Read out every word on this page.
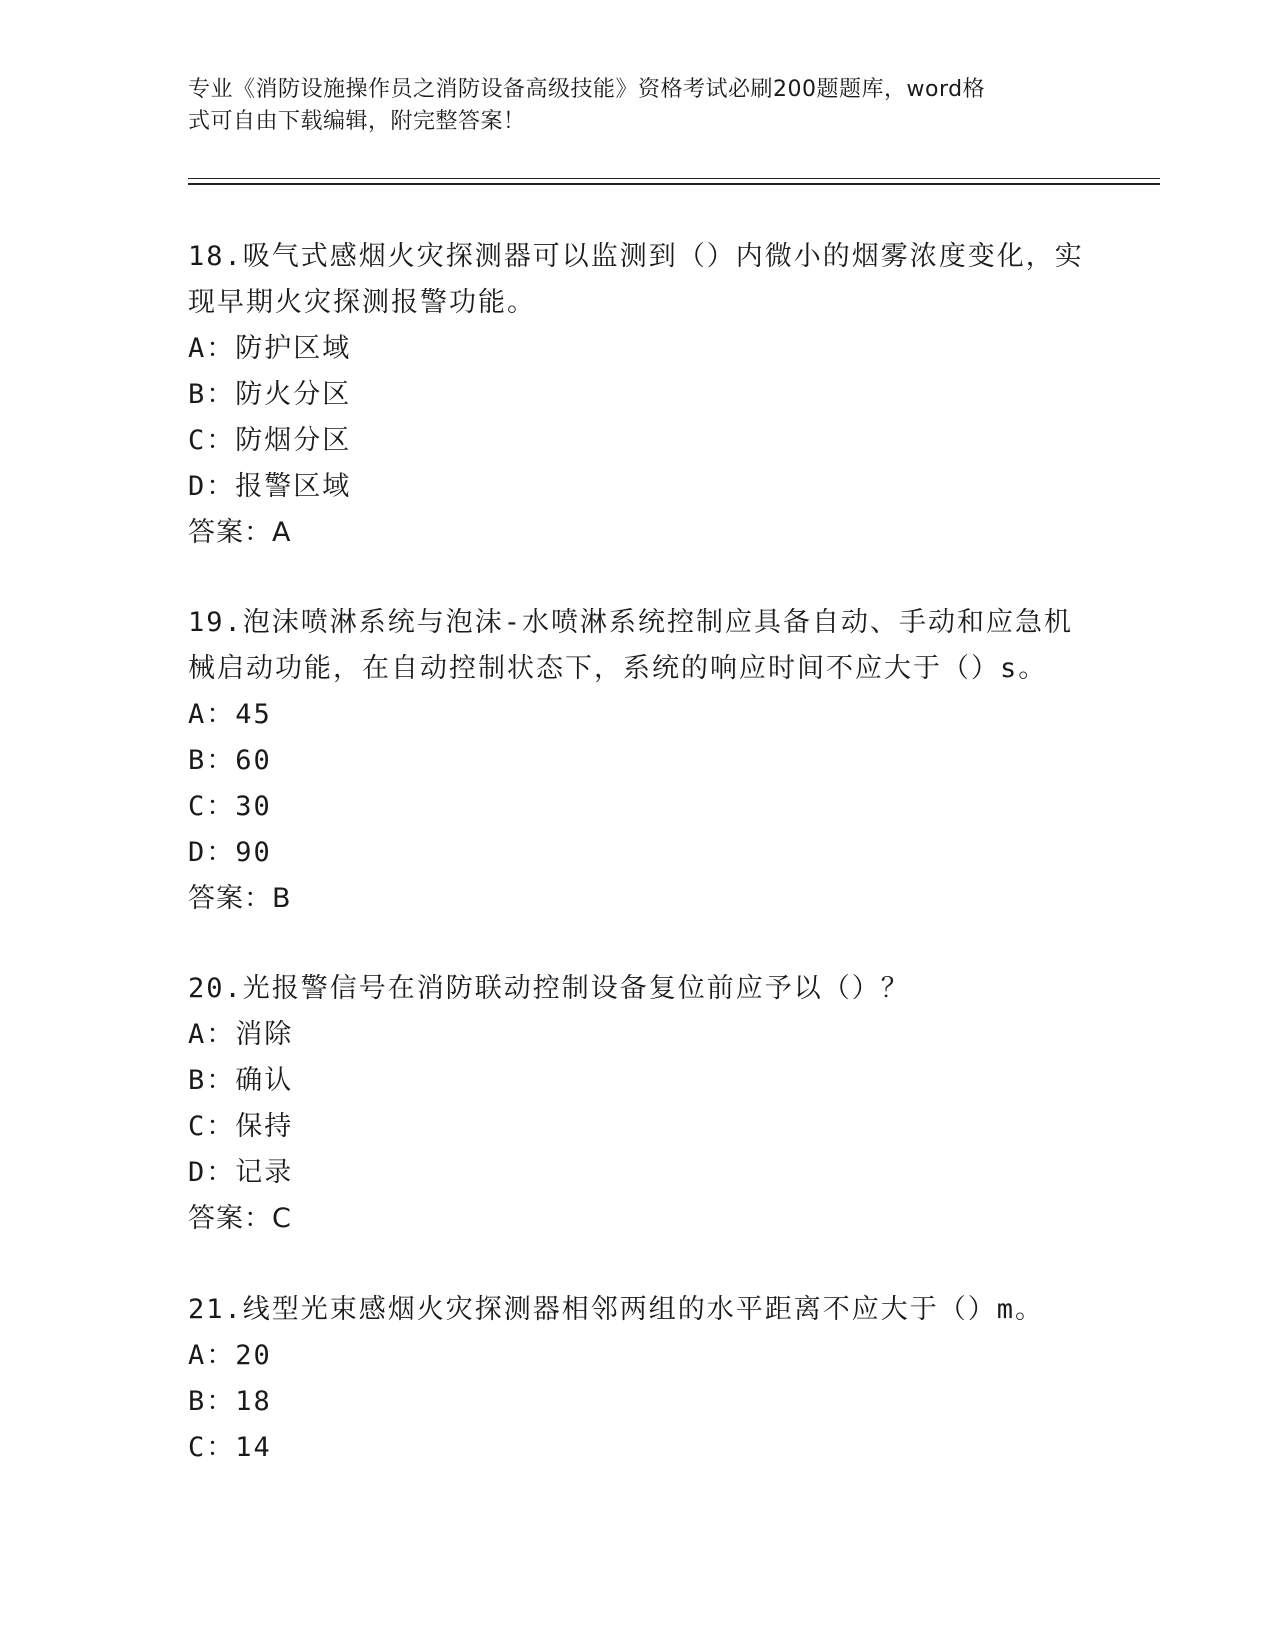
专业《消防设施操作员之消防设备高级技能》资格考试必刷200题题库，word格
式可自由下载编辑，附完整答案！

18.吸气式感烟火灾探测器可以监测到（）内微小的烟雾浓度变化，实

现早期火灾探测报警功能。

A：防护区域

B：防火分区

C：防烟分区

D：报警区域

答案：A

19.泡沫喷淋系统与泡沫-水喷淋系统控制应具备自动、手动和应急机

械启动功能，在自动控制状态下，系统的响应时间不应大于（）s。

A：45

B：60

C：30

D：90

答案：B

20.光报警信号在消防联动控制设备复位前应予以（）？

A：消除

B：确认

C：保持

D：记录

答案：C

21.线型光束感烟火灾探测器相邻两组的水平距离不应大于（）m。

A：20

B：18

C：14
